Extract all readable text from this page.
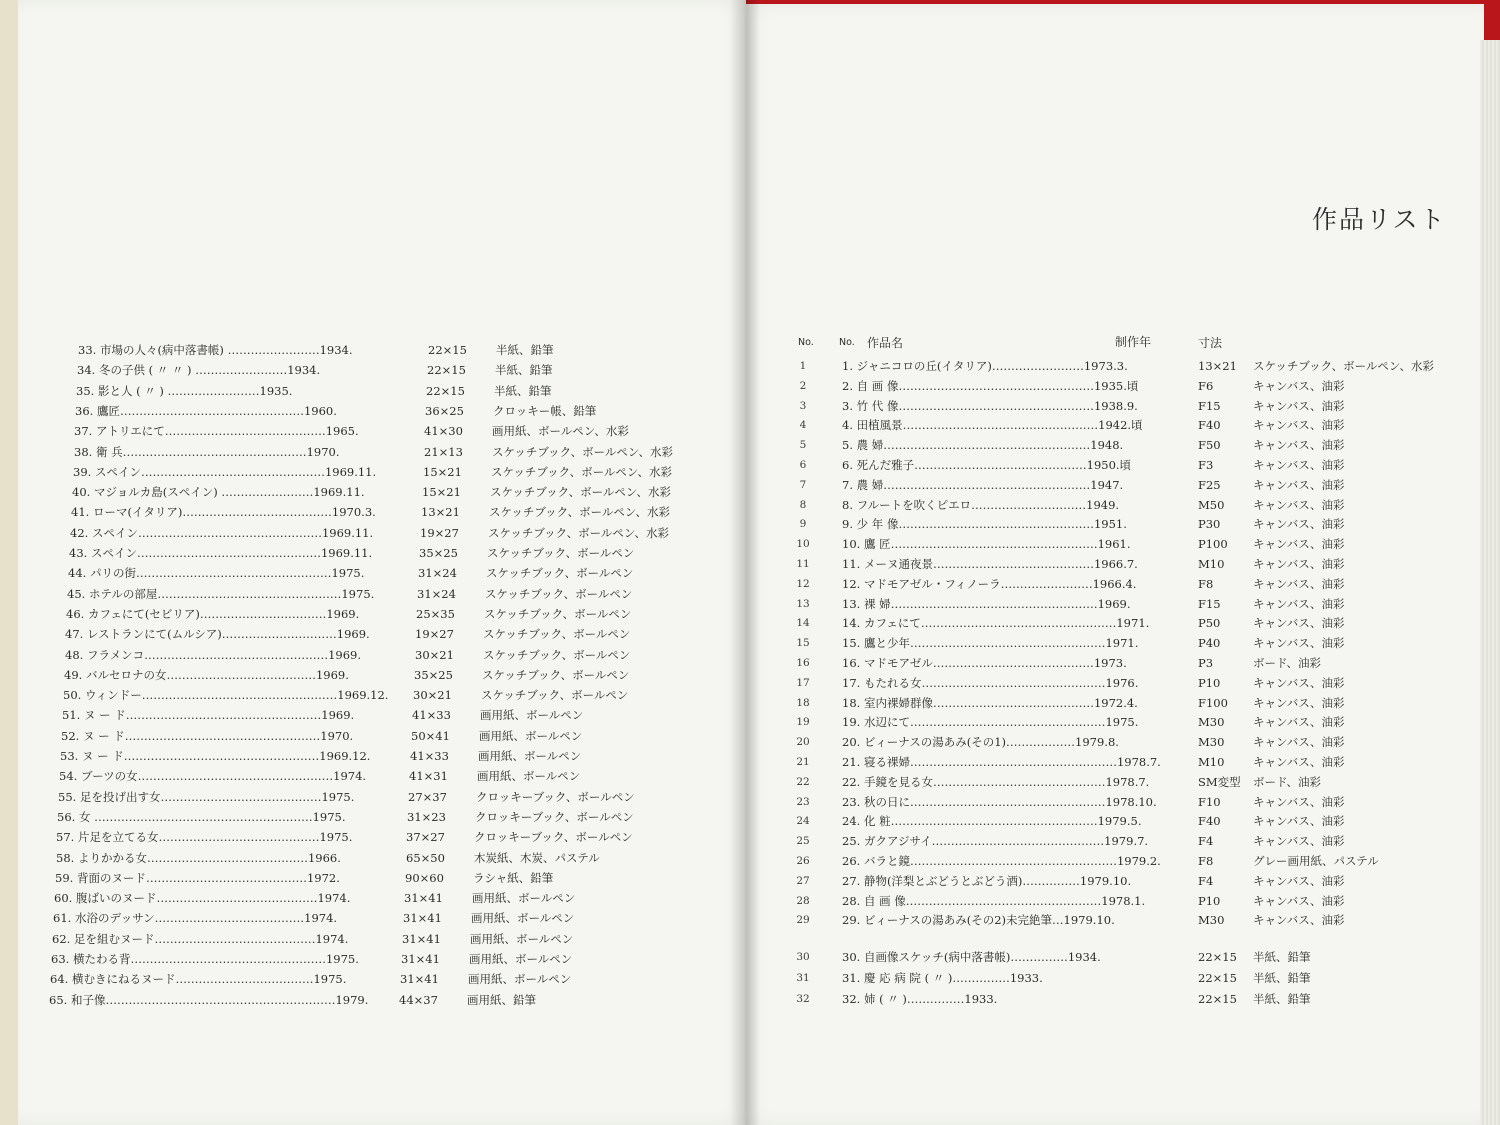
33. 市場の人々(病中落書帳) ……………………1934.	22×15	半紙、鉛筆
34. 冬の子供 ( 〃 〃 ) ……………………1934.	22×15	半紙、鉛筆
35. 影と人 ( 〃 ) ……………………1935.	22×15	半紙、鉛筆
36. 鷹匠…………………………………………1960.	36×25	クロッキー帳、鉛筆
37. アトリエにて……………………………………1965.	41×30	画用紙、ボールペン、水彩
38. 衛 兵…………………………………………1970.	21×13	スケッチブック、ボールペン、水彩
39. スペイン…………………………………………1969.11.	15×21	スケッチブック、ボールペン、水彩
40. マジョルカ島(スペイン) ……………………1969.11.	15×21	スケッチブック、ボールペン、水彩
41. ローマ(イタリア)…………………………………1970.3.	13×21	スケッチブック、ボールペン、水彩
42. スペイン…………………………………………1969.11.	19×27	スケッチブック、ボールペン、水彩
43. スペイン…………………………………………1969.11.	35×25	スケッチブック、ボールペン
44. パリの街……………………………………………1975.	31×24	スケッチブック、ボールペン
45. ホテルの部屋…………………………………………1975.	31×24	スケッチブック、ボールペン
46. カフェにて(セビリア)……………………………1969.	25×35	スケッチブック、ボールペン
47. レストランにて(ムルシア)…………………………1969.	19×27	スケッチブック、ボールペン
48. フラメンコ…………………………………………1969.	30×21	スケッチブック、ボールペン
49. バルセロナの女…………………………………1969.	35×25	スケッチブック、ボールペン
50. ウィンドー……………………………………………1969.12.	30×21	スケッチブック、ボールペン
51. ヌ ー ド……………………………………………1969.	41×33	画用紙、ボールペン
52. ヌ ー ド……………………………………………1970.	50×41	画用紙、ボールペン
53. ヌ ー ド……………………………………………1969.12.	41×33	画用紙、ボールペン
54. ブーツの女……………………………………………1974.	41×31	画用紙、ボールペン
55. 足を投げ出す女……………………………………1975.	27×37	クロッキーブック、ボールペン
56. 女 …………………………………………………1975.	31×23	クロッキーブック、ボールペン
57. 片足を立てる女……………………………………1975.	37×27	クロッキーブック、ボールペン
58. よりかかる女……………………………………1966.	65×50	木炭紙、木炭、パステル
59. 背面のヌード……………………………………1972.	90×60	ラシャ紙、鉛筆
60. 腹ばいのヌード……………………………………1974.	31×41	画用紙、ボールペン
61. 水浴のデッサン…………………………………1974.	31×41	画用紙、ボールペン
62. 足を組むヌード……………………………………1974.	31×41	画用紙、ボールペン
63. 横たわる背……………………………………………1975.	31×41	画用紙、ボールペン
64. 横むきにねるヌード………………………………1975.	31×41	画用紙、ボールペン
65. 和子像……………………………………………………1979.	44×37	画用紙、鉛筆
作品リスト
No.	No. 作品名	制作年	寸法
1	1. ジャニコロの丘(イタリア)……………………1973.3.	13×21 スケッチブック、ボールペン、水彩
2	2. 自 画 像……………………………………………1935.頃	F6	キャンバス、油彩
3	3. 竹 代 像……………………………………………1938.9.	F15	キャンバス、油彩
4	4. 田植風景……………………………………………1942.頃	F40	キャンバス、油彩
5	5. 農 婦………………………………………………1948.	F50	キャンバス、油彩
6	6. 死んだ雅子………………………………………1950.頃	F3	キャンバス、油彩
7	7. 農 婦………………………………………………1947.	F25	キャンバス、油彩
8	8. フルートを吹くピエロ…………………………1949.	M50 キャンバス、油彩
9	9. 少 年 像……………………………………………1951.	P30	キャンバス、油彩
10	10. 鷹 匠………………………………………………1961.	P100 キャンバス、油彩
11	11. メーヌ通夜景……………………………………1966.7.	M10 キャンバス、油彩
12	12. マドモアゼル・フィノーラ……………………1966.4.	F8	キャンバス、油彩
13	13. 裸 婦………………………………………………1969.	F15	キャンバス、油彩
14	14. カフェにて……………………………………………1971.	P50	キャンバス、油彩
15	15. 鷹と少年……………………………………………1971.	P40	キャンバス、油彩
16	16. マドモアゼル……………………………………1973.	P3	ボード、油彩
17	17. もたれる女…………………………………………1976.	P10	キャンバス、油彩
18	18. 室内裸婦群像……………………………………1972.4.	F100 キャンバス、油彩
19	19. 水辺にて……………………………………………1975.	M30 キャンバス、油彩
20	20. ビィーナスの湯あみ(その1)………………1979.8.	M30 キャンバス、油彩
21	21. 寝る裸婦………………………………………………1978.7.	M10 キャンバス、油彩
22	22. 手鏡を見る女………………………………………1978.7.	SM変型 ボード、油彩
23	23. 秋の日に……………………………………………1978.10.	F10	キャンバス、油彩
24	24. 化 粧………………………………………………1979.5.	F40	キャンバス、油彩
25	25. ガクアジサイ………………………………………1979.7.	F4	キャンバス、油彩
26	26. バラと鏡………………………………………………1979.2.	F8	グレー画用紙、パステル
27	27. 静物(洋梨とぶどうとぶどう酒)……………1979.10.	F4	キャンバス、油彩
28	28. 自 画 像……………………………………………1978.1.	P10	キャンバス、油彩
29	29. ビィーナスの湯あみ(その2)未完絶筆…1979.10.	M30 キャンバス、油彩
30	30. 自画像スケッチ(病中落書帳)……………1934.	22×15 半紙、鉛筆
31	31. 慶 応 病 院 ( 〃 )……………1933.	22×15 半紙、鉛筆
32	32. 姉 ( 〃 )……………1933.	22×15 半紙、鉛筆
